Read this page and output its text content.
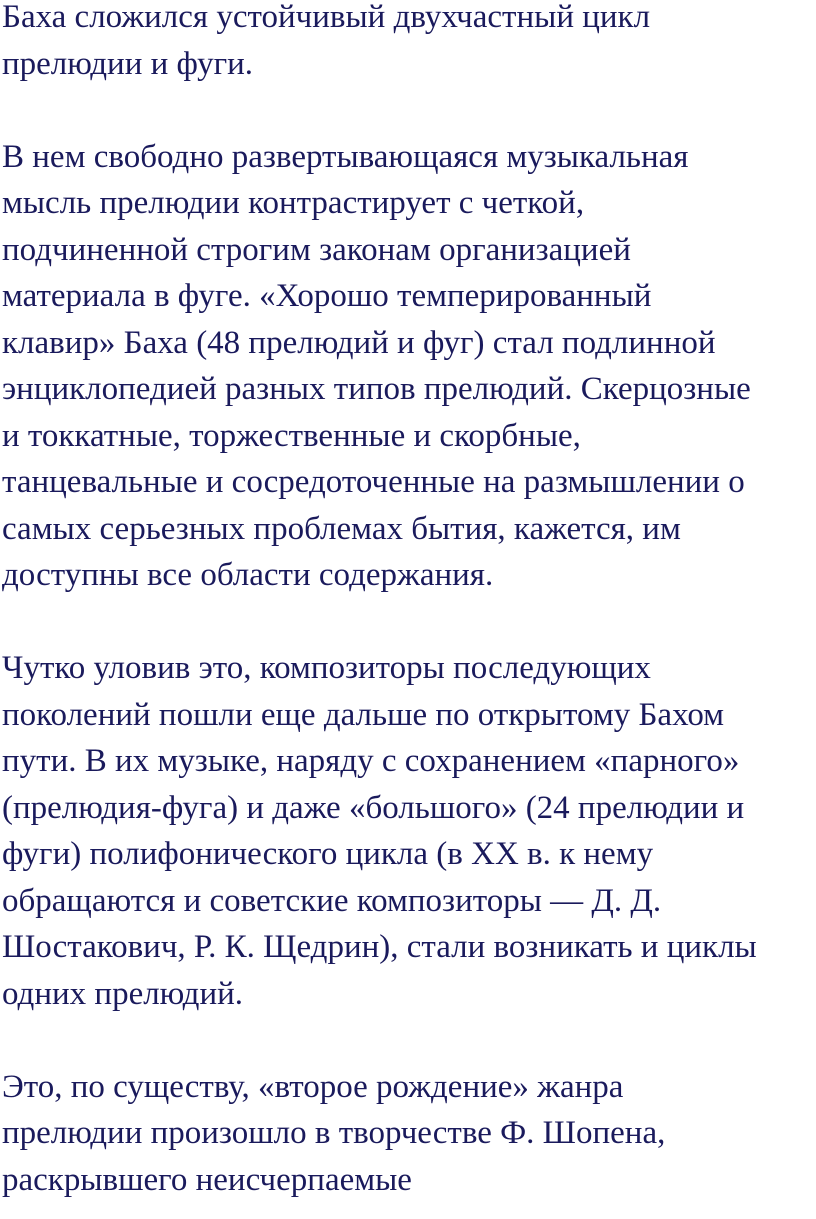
Баха сложился устойчивый двухчастный цикл
прелюдии и фуги.
В нем свободно развертывающаяся музыкальная
мысль прелюдии контрастирует с четкой,
подчиненной строгим законам организацией
материала в фуге. «Хорошо темперированный
клавир» Баха (48 прелюдий и фуг) стал подлинной
энциклопедией разных типов прелюдий. Скерцозные
и токкатные, торжественные и скорбные,
танцевальные и сосредоточенные на размышлении о
самых серьезных проблемах бытия, кажется, им
доступны все области содержания.
Чутко уловив это, композиторы последующих
поколений пошли еще дальше по открытому Бахом
пути. В их музыке, наряду с сохранением «парного»
(прелюдия-фуга) и даже «большого» (24 прелюдии и
фуги) полифонического цикла (в XX в. к нему
обращаются и советские композиторы — Д. Д.
Шостакович, Р. К. Щедрин), стали возникать и циклы
одних прелюдий.
Это, по существу, «второе рождение» жанра
прелюдии произошло в творчестве Ф. Шопена,
раскрывшего неисчерпаемые
